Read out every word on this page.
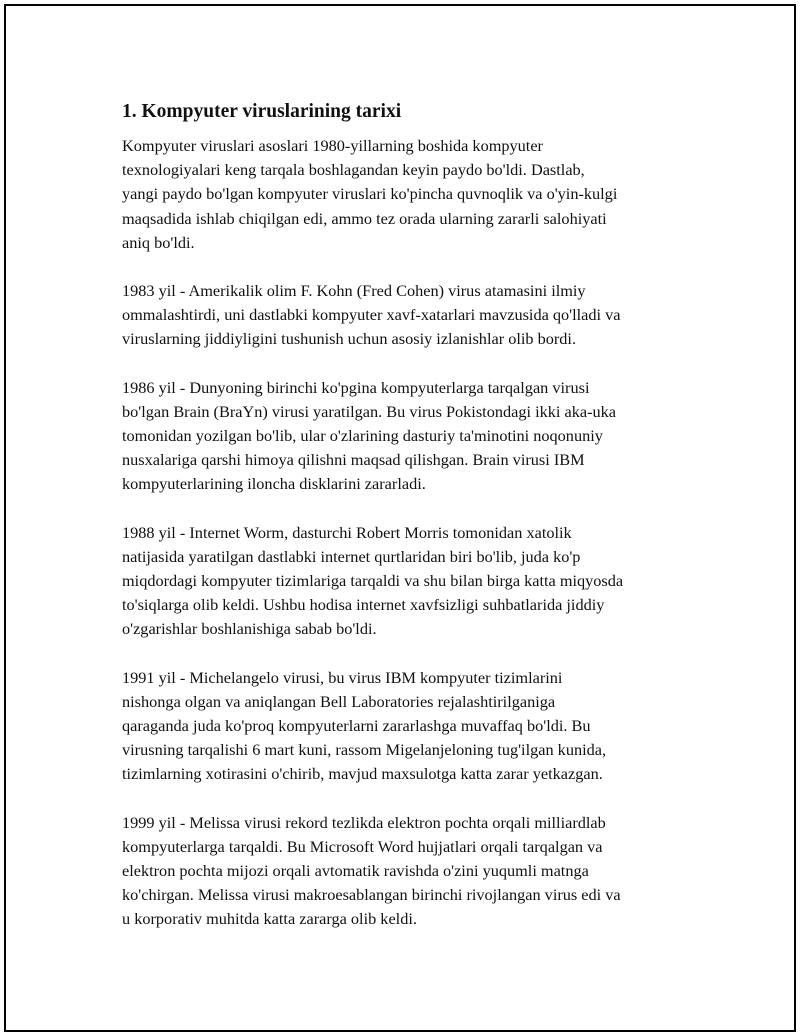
1. Kompyuter viruslarining tarixi

Kompyuter viruslari asoslari 1980-yillarning boshida kompyuter
texnologiyalari keng tarqala boshlagandan keyin paydo bo'ldi. Dastlab,
yangi paydo bo'lgan kompyuter viruslari ko'pincha quvnoqlik va o'yin-kulgi
maqsadida ishlab chiqilgan edi, ammo tez orada ularning zararli salohiyati
aniq bo'ldi.

1983 yil - Amerikalik olim F. Kohn (Fred Cohen) virus atamasini ilmiy
ommalashtirdi, uni dastlabki kompyuter xavf-xatarlari mavzusida qo'lladi va
viruslarning jiddiyligini tushunish uchun asosiy izlanishlar olib bordi.

1986 yil - Dunyoning birinchi ko'pgina kompyuterlarga tarqalgan virusi
bo'lgan Brain (BraYn) virusi yaratilgan. Bu virus Pokistondagi ikki aka-uka
tomonidan yozilgan bo'lib, ular o'zlarining dasturiy ta'minotini noqonuniy
nusxalariga qarshi himoya qilishni maqsad qilishgan. Brain virusi IBM
kompyuterlarining iloncha disklarini zararladi.

1988 yil - Internet Worm, dasturchi Robert Morris tomonidan xatolik
natijasida yaratilgan dastlabki internet qurtlaridan biri bo'lib, juda ko'p
miqdordagi kompyuter tizimlariga tarqaldi va shu bilan birga katta miqyosda
to'siqlarga olib keldi. Ushbu hodisa internet xavfsizligi suhbatlarida jiddiy
o'zgarishlar boshlanishiga sabab bo'ldi.

1991 yil - Michelangelo virusi, bu virus IBM kompyuter tizimlarini
nishonga olgan va aniqlangan Bell Laboratories rejalashtirilganiga
qaraganda juda ko'proq kompyuterlarni zararlashga muvaffaq bo'ldi. Bu
virusning tarqalishi 6 mart kuni, rassom Migelanjeloning tug'ilgan kunida,
tizimlarning xotirasini o'chirib, mavjud maxsulotga katta zarar yetkazgan.

1999 yil - Melissa virusi rekord tezlikda elektron pochta orqali milliardlab
kompyuterlarga tarqaldi. Bu Microsoft Word hujjatlari orqali tarqalgan va
elektron pochta mijozi orqali avtomatik ravishda o'zini yuqumli matnga
ko'chirgan. Melissa virusi makroesablangan birinchi rivojlangan virus edi va
u korporativ muhitda katta zararga olib keldi.
